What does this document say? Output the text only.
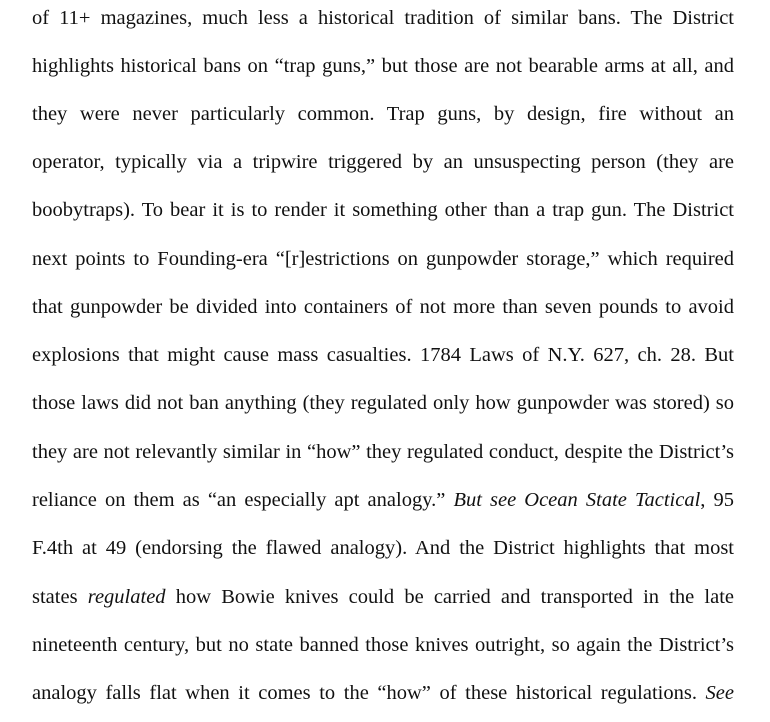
of 11+ magazines, much less a historical tradition of similar bans. The District
highlights historical bans on “trap guns,” but those are not bearable arms at all, and
they were never particularly common. Trap guns, by design, fire without an
operator, typically via a tripwire triggered by an unsuspecting person (they are
boobytraps). To bear it is to render it something other than a trap gun. The District
next points to Founding-era “[r]estrictions on gunpowder storage,” which required
that gunpowder be divided into containers of not more than seven pounds to avoid
explosions that might cause mass casualties. 1784 Laws of N.Y. 627, ch. 28. But
those laws did not ban anything (they regulated only how gunpowder was stored) so
they are not relevantly similar in “how” they regulated conduct, despite the District’s
reliance on them as “an especially apt analogy.” But see Ocean State Tactical, 95
F.4th at 49 (endorsing the flawed analogy). And the District highlights that most
states regulated how Bowie knives could be carried and transported in the late
nineteenth century, but no state banned those knives outright, so again the District’s
analogy falls flat when it comes to the “how” of these historical regulations. See
